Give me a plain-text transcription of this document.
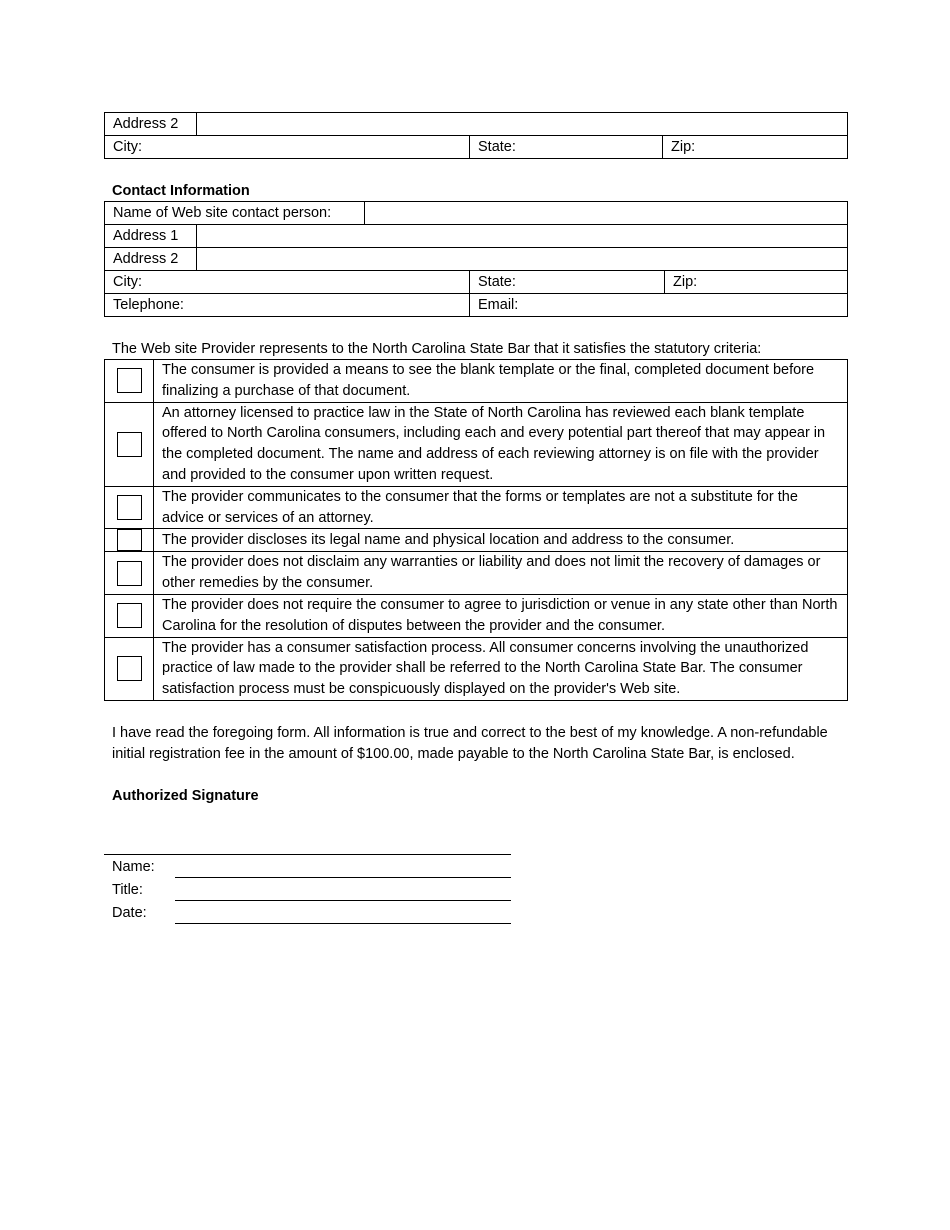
Address 2			
City:		State:	Zip:
Contact Information
Name of Web site contact person:				
Address 1				
Address 2				
City:			State:	Zip:
Telephone:			Email:	
The Web site Provider represents to the North Carolina State Bar that it satisfies the statutory criteria:
	The consumer is provided a means to see the blank template or the final, completed document before finalizing a purchase of that document.
	An attorney licensed to practice law in the State of North Carolina has reviewed each blank template offered to North Carolina consumers, including each and every potential part thereof that may appear in the completed document. The name and address of each reviewing attorney is on file with the provider and provided to the consumer upon written request.
	The provider communicates to the consumer that the forms or templates are not a substitute for the advice or services of an attorney.
	The provider discloses its legal name and physical location and address to the consumer.
	The provider does not disclaim any warranties or liability and does not limit the recovery of damages or other remedies by the consumer.
	The provider does not require the consumer to agree to jurisdiction or venue in any state other than North Carolina for the resolution of disputes between the provider and the consumer.
	The provider has a consumer satisfaction process. All consumer concerns involving the unauthorized practice of law made to the provider shall be referred to the North Carolina State Bar. The consumer satisfaction process must be conspicuously displayed on the provider's Web site.
I have read the foregoing form. All information is true and correct to the best of my knowledge. A non-refundable initial registration fee in the amount of $100.00, made payable to the North Carolina State Bar, is enclosed.
Authorized Signature
Name:
Title:
Date:
